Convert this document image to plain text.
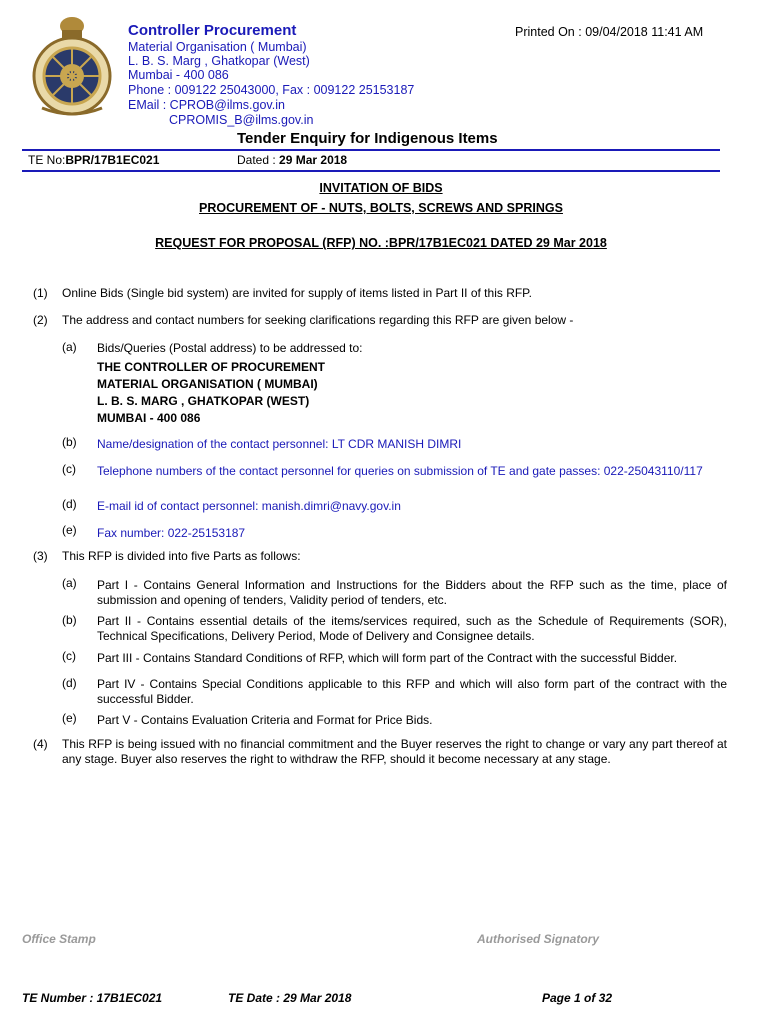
Controller Procurement
Material Organisation ( Mumbai)
L. B. S. Marg , Ghatkopar (West)
Mumbai - 400 086
Phone : 009122 25043000, Fax : 009122 25153187
EMail : CPROB@ilms.gov.in
CPROMIS_B@ilms.gov.in
Printed On : 09/04/2018 11:41 AM
Tender Enquiry for Indigenous Items
TE No:BPR/17B1EC021	Dated : 29 Mar 2018
INVITATION OF BIDS
PROCUREMENT OF - NUTS, BOLTS, SCREWS AND SPRINGS
REQUEST FOR PROPOSAL (RFP) NO. :BPR/17B1EC021 DATED 29 Mar 2018
(1) Online Bids (Single bid system) are invited for supply of items listed in Part II of this RFP.
(2) The address and contact numbers for seeking clarifications regarding this RFP are given below -
(a) Bids/Queries (Postal address) to be addressed to:
THE CONTROLLER OF PROCUREMENT
MATERIAL ORGANISATION ( MUMBAI)
L. B. S. MARG , GHATKOPAR (WEST)
MUMBAI - 400 086
(b) Name/designation of the contact personnel: LT CDR MANISH DIMRI
(c) Telephone numbers of the contact personnel for queries on submission of TE and gate passes: 022-25043110/117
(d) E-mail id of contact personnel: manish.dimri@navy.gov.in
(e) Fax number: 022-25153187
(3) This RFP is divided into five Parts as follows:
(a) Part I - Contains General Information and Instructions for the Bidders about the RFP such as the time, place of submission and opening of tenders, Validity period of tenders, etc.
(b) Part II - Contains essential details of the items/services required, such as the Schedule of Requirements (SOR), Technical Specifications, Delivery Period, Mode of Delivery and Consignee details.
(c) Part III - Contains Standard Conditions of RFP, which will form part of the Contract with the successful Bidder.
(d) Part IV - Contains Special Conditions applicable to this RFP and which will also form part of the contract with the successful Bidder.
(e) Part V - Contains Evaluation Criteria and Format for Price Bids.
(4) This RFP is being issued with no financial commitment and the Buyer reserves the right to change or vary any part thereof at any stage. Buyer also reserves the right to withdraw the RFP, should it become necessary at any stage.
Office Stamp	Authorised Signatory
TE Number : 17B1EC021	TE Date : 29 Mar 2018	Page 1 of 32
